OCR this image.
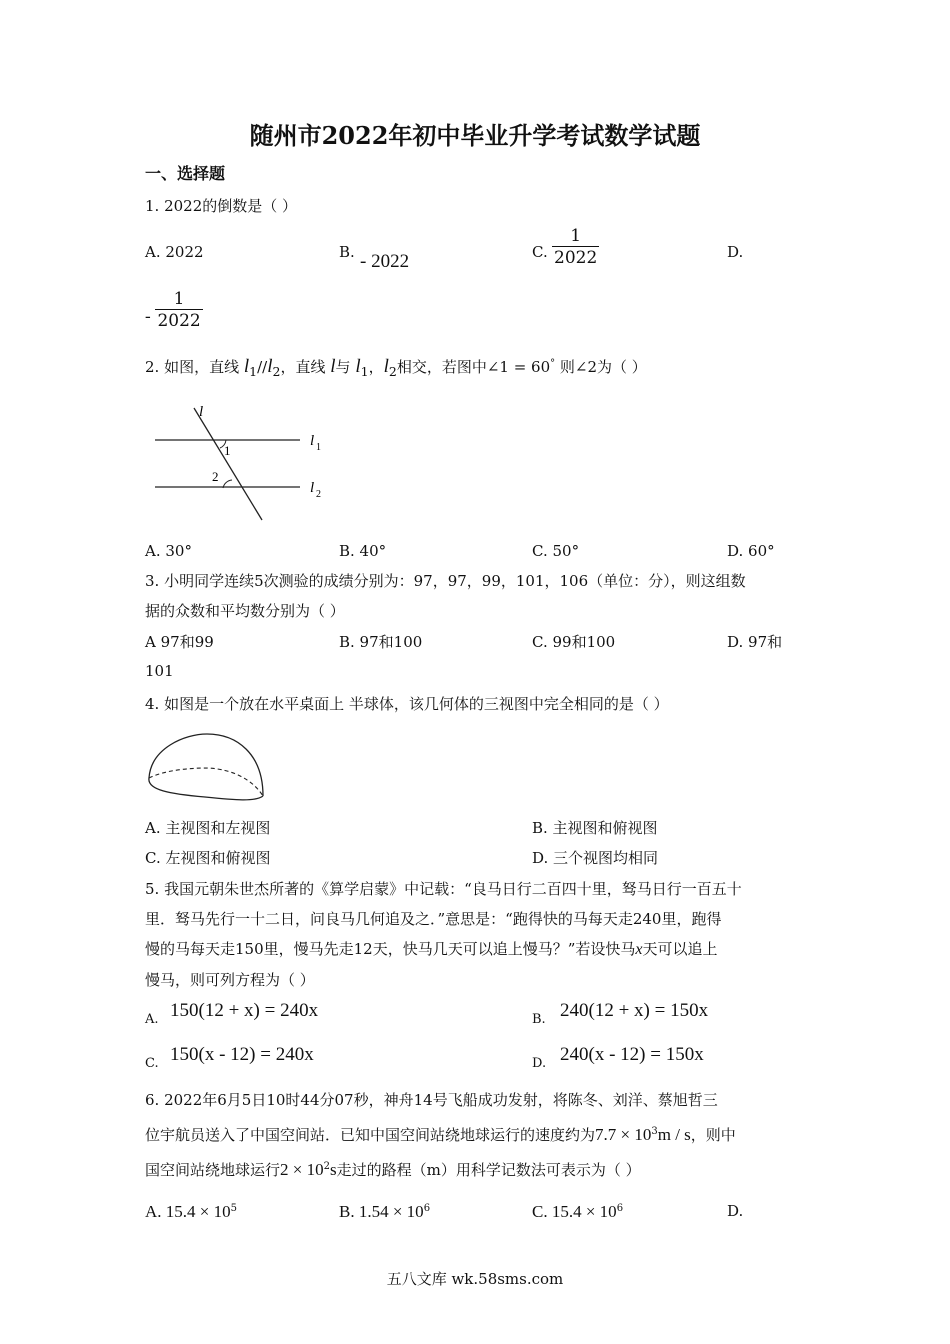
随州市2022年初中毕业升学考试数学试题
一、选择题
1. 2022的倒数是（ ）
A. 2022	B. - 2022	C. $\frac{1}{2022}$	D.
- $\frac{1}{2022}$
2. 如图，直线 $l_1//l_2$，直线 l与 $l_1$，$l_2$相交，若图中∠1 = 60° 则∠2为（ ）
l
1
2
l 1
l 2
A. 30°	B. 40°	C. 50°	D. 60°
3. 小明同学连续5次测验的成绩分别为：97，97，99，101，106（单位：分），则这组数
据的众数和平均数分别为（ ）
A 97和99	B. 97和100	C. 99和100	D. 97和
101
4. 如图是一个放在水平桌面上 半球体，该几何体的三视图中完全相同的是（ ）
A. 主视图和左视图	B. 主视图和俯视图
C. 左视图和俯视图	D. 三个视图均相同
5. 我国元朝朱世杰所著的《算学启蒙》中记载：“良马日行二百四十里，驽马日行一百五十
里．驽马先行一十二日，问良马几何追及之．”意思是：“跑得快的马每天走240里，跑得
慢的马每天走150里，慢马先走12天，快马几天可以追上慢马？”若设快马x天可以追上
慢马，则可列方程为（ ）
A. 150(12 + x) = 240x	B. 240(12 + x) = 150x
C. 150(x - 12) = 240x	D. 240(x - 12) = 150x
6. 2022年6月5日10时44分07秒，神舟14号飞船成功发射，将陈冬、刘洋、蔡旭哲三
位宇航员送入了中国空间站．已知中国空间站绕地球运行的速度约为$7.7 \times 10^3m / s$，则中
国空间站绕地球运行$2 \times 10^2s$走过的路程（m）用科学记数法可表示为（ ）
A. $15.4 \times 10^5$	B. $1.54 \times 10^6$	C. $15.4 \times 10^6$	D.
五八文库 wk.58sms.com
